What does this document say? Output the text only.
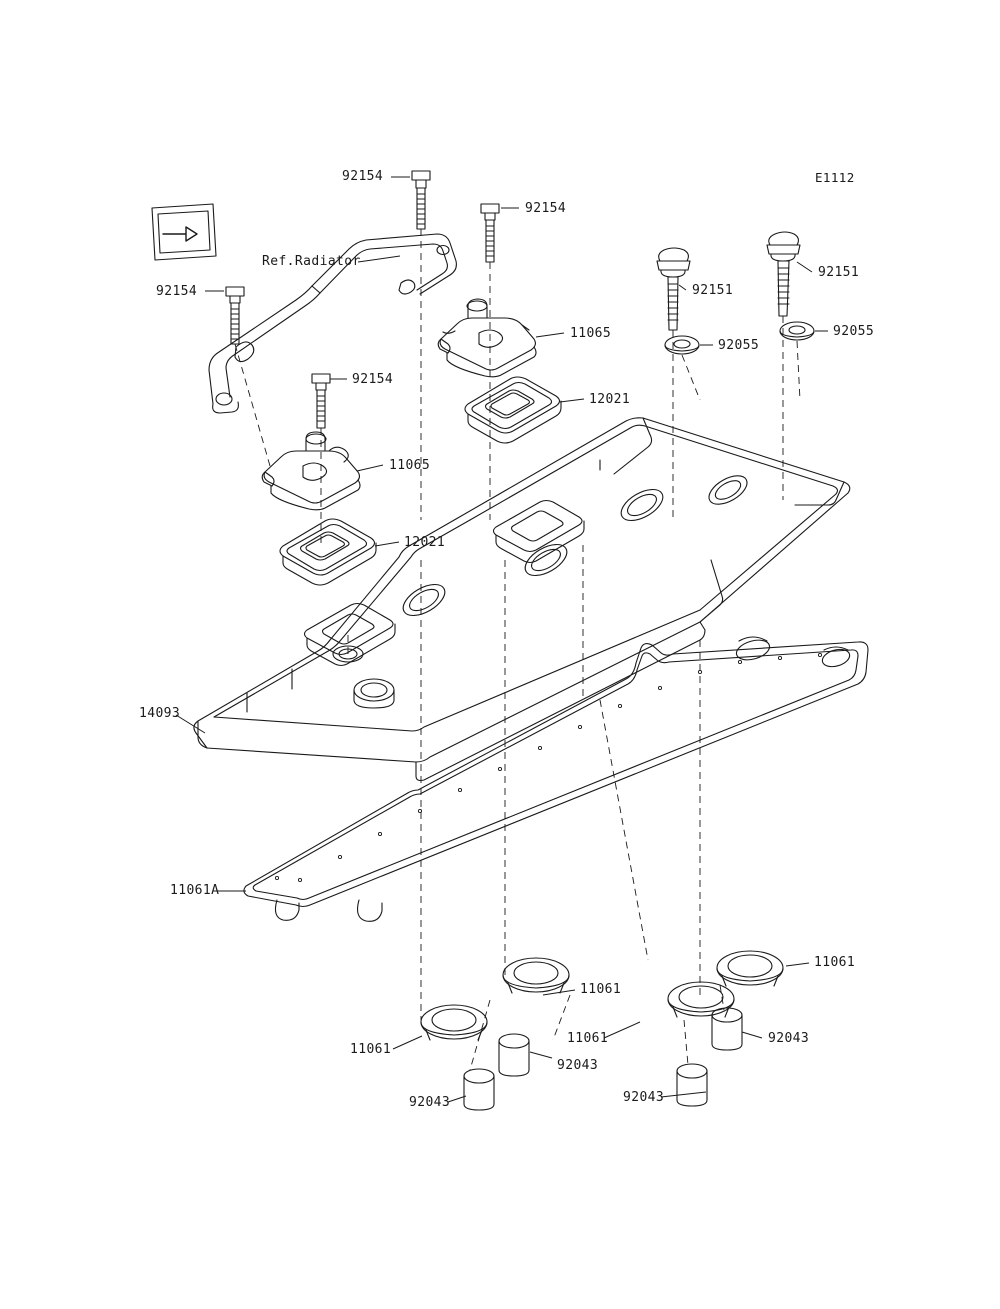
E1112
92154
92154
92154
92154
92151
92151
92055
92055
11065
12021
11065
12021
14093
11061A
11061
11061
11061
11061
92043
92043
92043
92043
Ref.Radiator
